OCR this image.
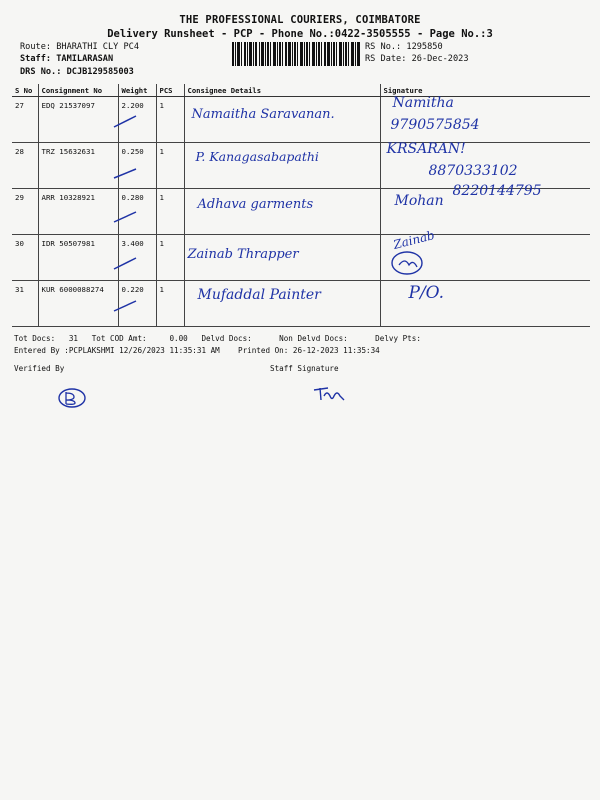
THE PROFESSIONAL COURIERS, COIMBATORE
Delivery Runsheet - PCP - Phone No.:0422-3505555 - Page No.:3
Route: BHARATHI CLY PC4
Staff: TAMILARASAN
DRS No.: DCJB129585003
RS No.: 1295850
RS Date: 26-Dec-2023
S No	Consignment No	Weight	PCS	Consignee Details	Signature
27	EDQ 21537097	2.200	1	Namaitha Saravanan.	Namitha
9790575854

28	TRZ 15632631	0.250	1	P. Kanagasabapathi	KRSARAN!
8870333102

29	ARR 10328921	0.280	1	Adhava garments	Mohan
8220144795

30	IDR 50507981	3.400	1	Zainab Thrapper	Zainab

31	KUR 6000088274	0.220	1	Mufaddal Painter	P/O.
Tot Docs:   31   Tot COD Amt:     0.00   Delvd Docs:      Non Delvd Docs:      Delvy Pts:
Entered By :PCPLAKSHMI 12/26/2023 11:35:31 AM    Printed On: 26-12-2023 11:35:34
Verified By	Staff Signature
